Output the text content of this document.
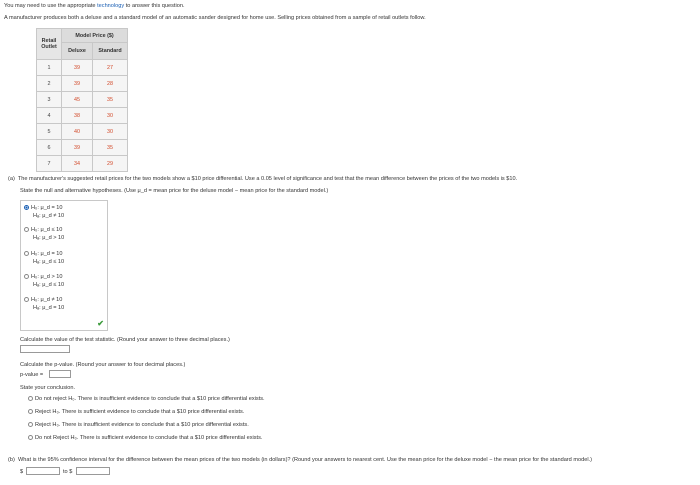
You may need to use the appropriate technology to answer this question.
A manufacturer produces both a deluxe and a standard model of an automatic sander designed for home use. Selling prices obtained from a sample of retail outlets follow.
Retail Outlet	Model Price ($)	
	Deluxe	Standard
1	39	27
2	39	28
3	45	35
4	38	30
5	40	30
6	39	35
7	34	29
(a) The manufacturer's suggested retail prices for the two models show a $10 price differential. Use a 0.05 level of significance and test that the mean difference between the prices of the two models is $10.
State the null and alternative hypotheses. (Use μ_d = mean price for the deluxe model − mean price for the standard model.)
H₀: μ_d = 10
Hₐ: μ_d ≠ 10
H₀: μ_d ≤ 10
Hₐ: μ_d > 10
H₀: μ_d = 10
Hₐ: μ_d ≤ 10
H₀: μ_d > 10
Hₐ: μ_d ≤ 10
H₀: μ_d ≠ 10
Hₐ: μ_d = 10
✔
Calculate the value of the test statistic. (Round your answer to three decimal places.)
Calculate the p-value. (Round your answer to four decimal places.)
p-value =
State your conclusion.
Do not reject H₀. There is insufficient evidence to conclude that a $10 price differential exists.
Reject H₀. There is sufficient evidence to conclude that a $10 price differential exists.
Reject H₀. There is insufficient evidence to conclude that a $10 price differential exists.
Do not Reject H₀. There is sufficient evidence to conclude that a $10 price differential exists.
(b) What is the 95% confidence interval for the difference between the mean prices of the two models (in dollars)? (Round your answers to nearest cent. Use the mean price for the deluxe model − the mean price for the standard model.)
$	to $
